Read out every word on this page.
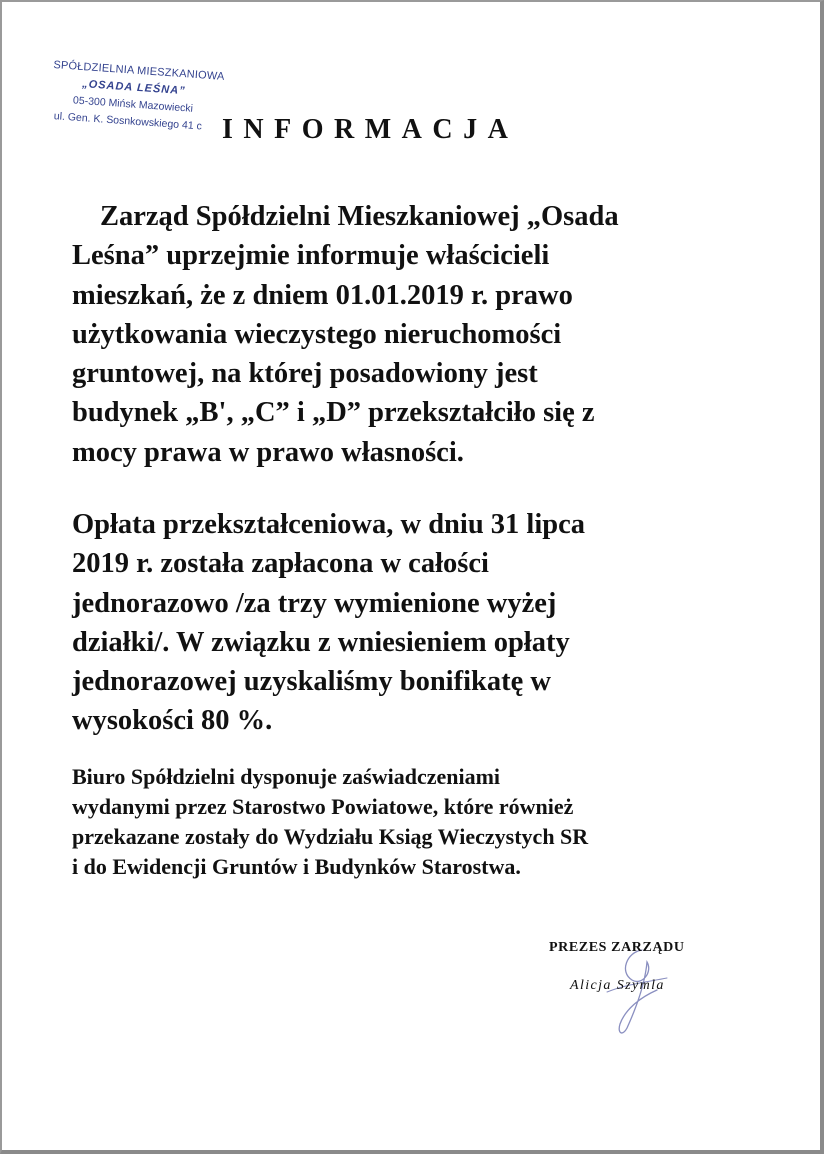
SPÓŁDZIELNIA MIESZKANIOWA
„OSADA LEŚNA”
05-300 Mińsk Mazowiecki
ul. Gen. K. Sosnkowskiego 41 c INFORMACJA

Zarząd Spółdzielni Mieszkaniowej „Osada
Leśna” uprzejmie informuje właścicieli
mieszkań, że z dniem 01.01.2019 r. prawo
użytkowania wieczystego nieruchomości
gruntowej, na której posadowiony jest
budynek „B', „C” i „D” przekształciło się z
mocy prawa w prawo własności.

Opłata przekształceniowa, w dniu 31 lipca
2019 r. została zapłacona w całości
jednorazowo /za trzy wymienione wyżej
działki/. W związku z wniesieniem opłaty
jednorazowej uzyskaliśmy bonifikatę w
wysokości 80 %.

Biuro Spółdzielni dysponuje zaświadczeniami
wydanymi przez Starostwo Powiatowe, które również
przekazane zostały do Wydziału Ksiąg Wieczystych SR
i do Ewidencji Gruntów i Budynków Starostwa.

PREZES ZARZĄDU
Alicja Szymla
